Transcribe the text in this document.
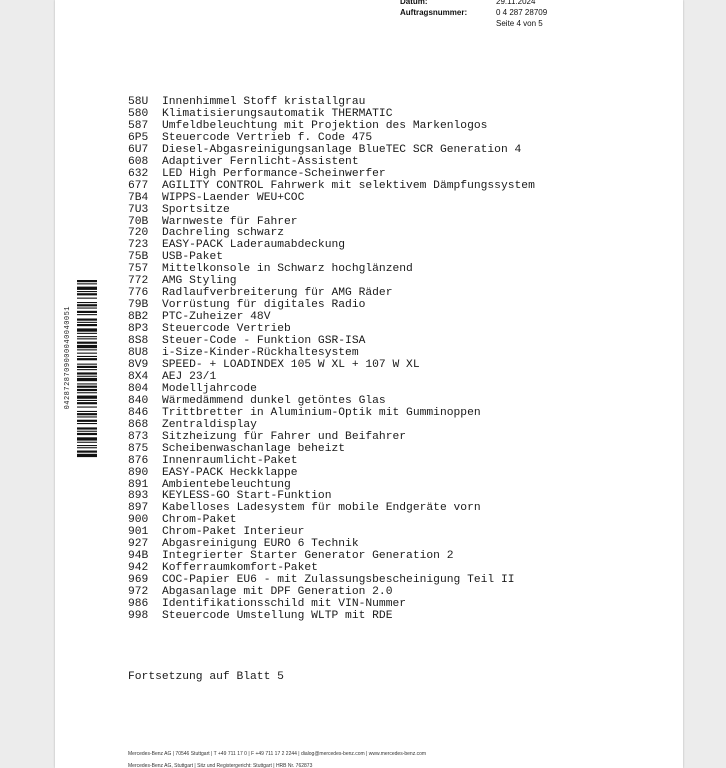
Datum:	29.11.2024
Auftragsnummer:	0 4 287 28709
Seite 4 von 5
58U	Innenhimmel Stoff kristallgrau
580	Klimatisierungsautomatik THERMATIC
587	Umfeldbeleuchtung mit Projektion des Markenlogos
6P5	Steuercode Vertrieb f. Code 475
6U7	Diesel-Abgasreinigungsanlage BlueTEC SCR Generation 4
608	Adaptiver Fernlicht-Assistent
632	LED High Performance-Scheinwerfer
677	AGILITY CONTROL Fahrwerk mit selektivem Dämpfungssystem
7B4	WIPPS-Laender WEU+COC
7U3	Sportsitze
70B	Warnweste für Fahrer
720	Dachreling schwarz
723	EASY-PACK Laderaumabdeckung
75B	USB-Paket
757	Mittelkonsole in Schwarz hochglänzend
772	AMG Styling
776	Radlaufverbreiterung für AMG Räder
79B	Vorrüstung für digitales Radio
8B2	PTC-Zuheizer 48V
8P3	Steuercode Vertrieb
8S8	Steuer-Code - Funktion GSR-ISA
8U8	i-Size-Kinder-Rückhaltesystem
8V9	SPEED- + LOADINDEX 105 W XL + 107 W XL
8X4	AEJ 23/1
804	Modelljahrcode
840	Wärmedämmend dunkel getöntes Glas
846	Trittbretter in Aluminium-Optik mit Gumminoppen
868	Zentraldisplay
873	Sitzheizung für Fahrer und Beifahrer
875	Scheibenwaschanlage beheizt
876	Innenraumlicht-Paket
890	EASY-PACK Heckklappe
891	Ambientebeleuchtung
893	KEYLESS-GO Start-Funktion
897	Kabelloses Ladesystem für mobile Endgeräte vorn
900	Chrom-Paket
901	Chrom-Paket Interieur
927	Abgasreinigung EURO 6 Technik
94B	Integrierter Starter Generator Generation 2
942	Kofferraumkomfort-Paket
969	COC-Papier EU6 - mit Zulassungsbescheinigung Teil II
972	Abgasanlage mit DPF Generation 2.0
986	Identifikationsschild mit VIN-Nummer
998	Steuercode Umstellung WLTP mit RDE
Fortsetzung auf Blatt 5
0428728709000040040051
Mercedes-Benz AG | 70546 Stuttgart | T +49 711 17 0 | F +49 711 17 2 2244 | dialog@mercedes-benz.com | www.mercedes-benz.com
Mercedes-Benz AG, Stuttgart | Sitz und Registergericht: Stuttgart | HRB Nr. 762873
